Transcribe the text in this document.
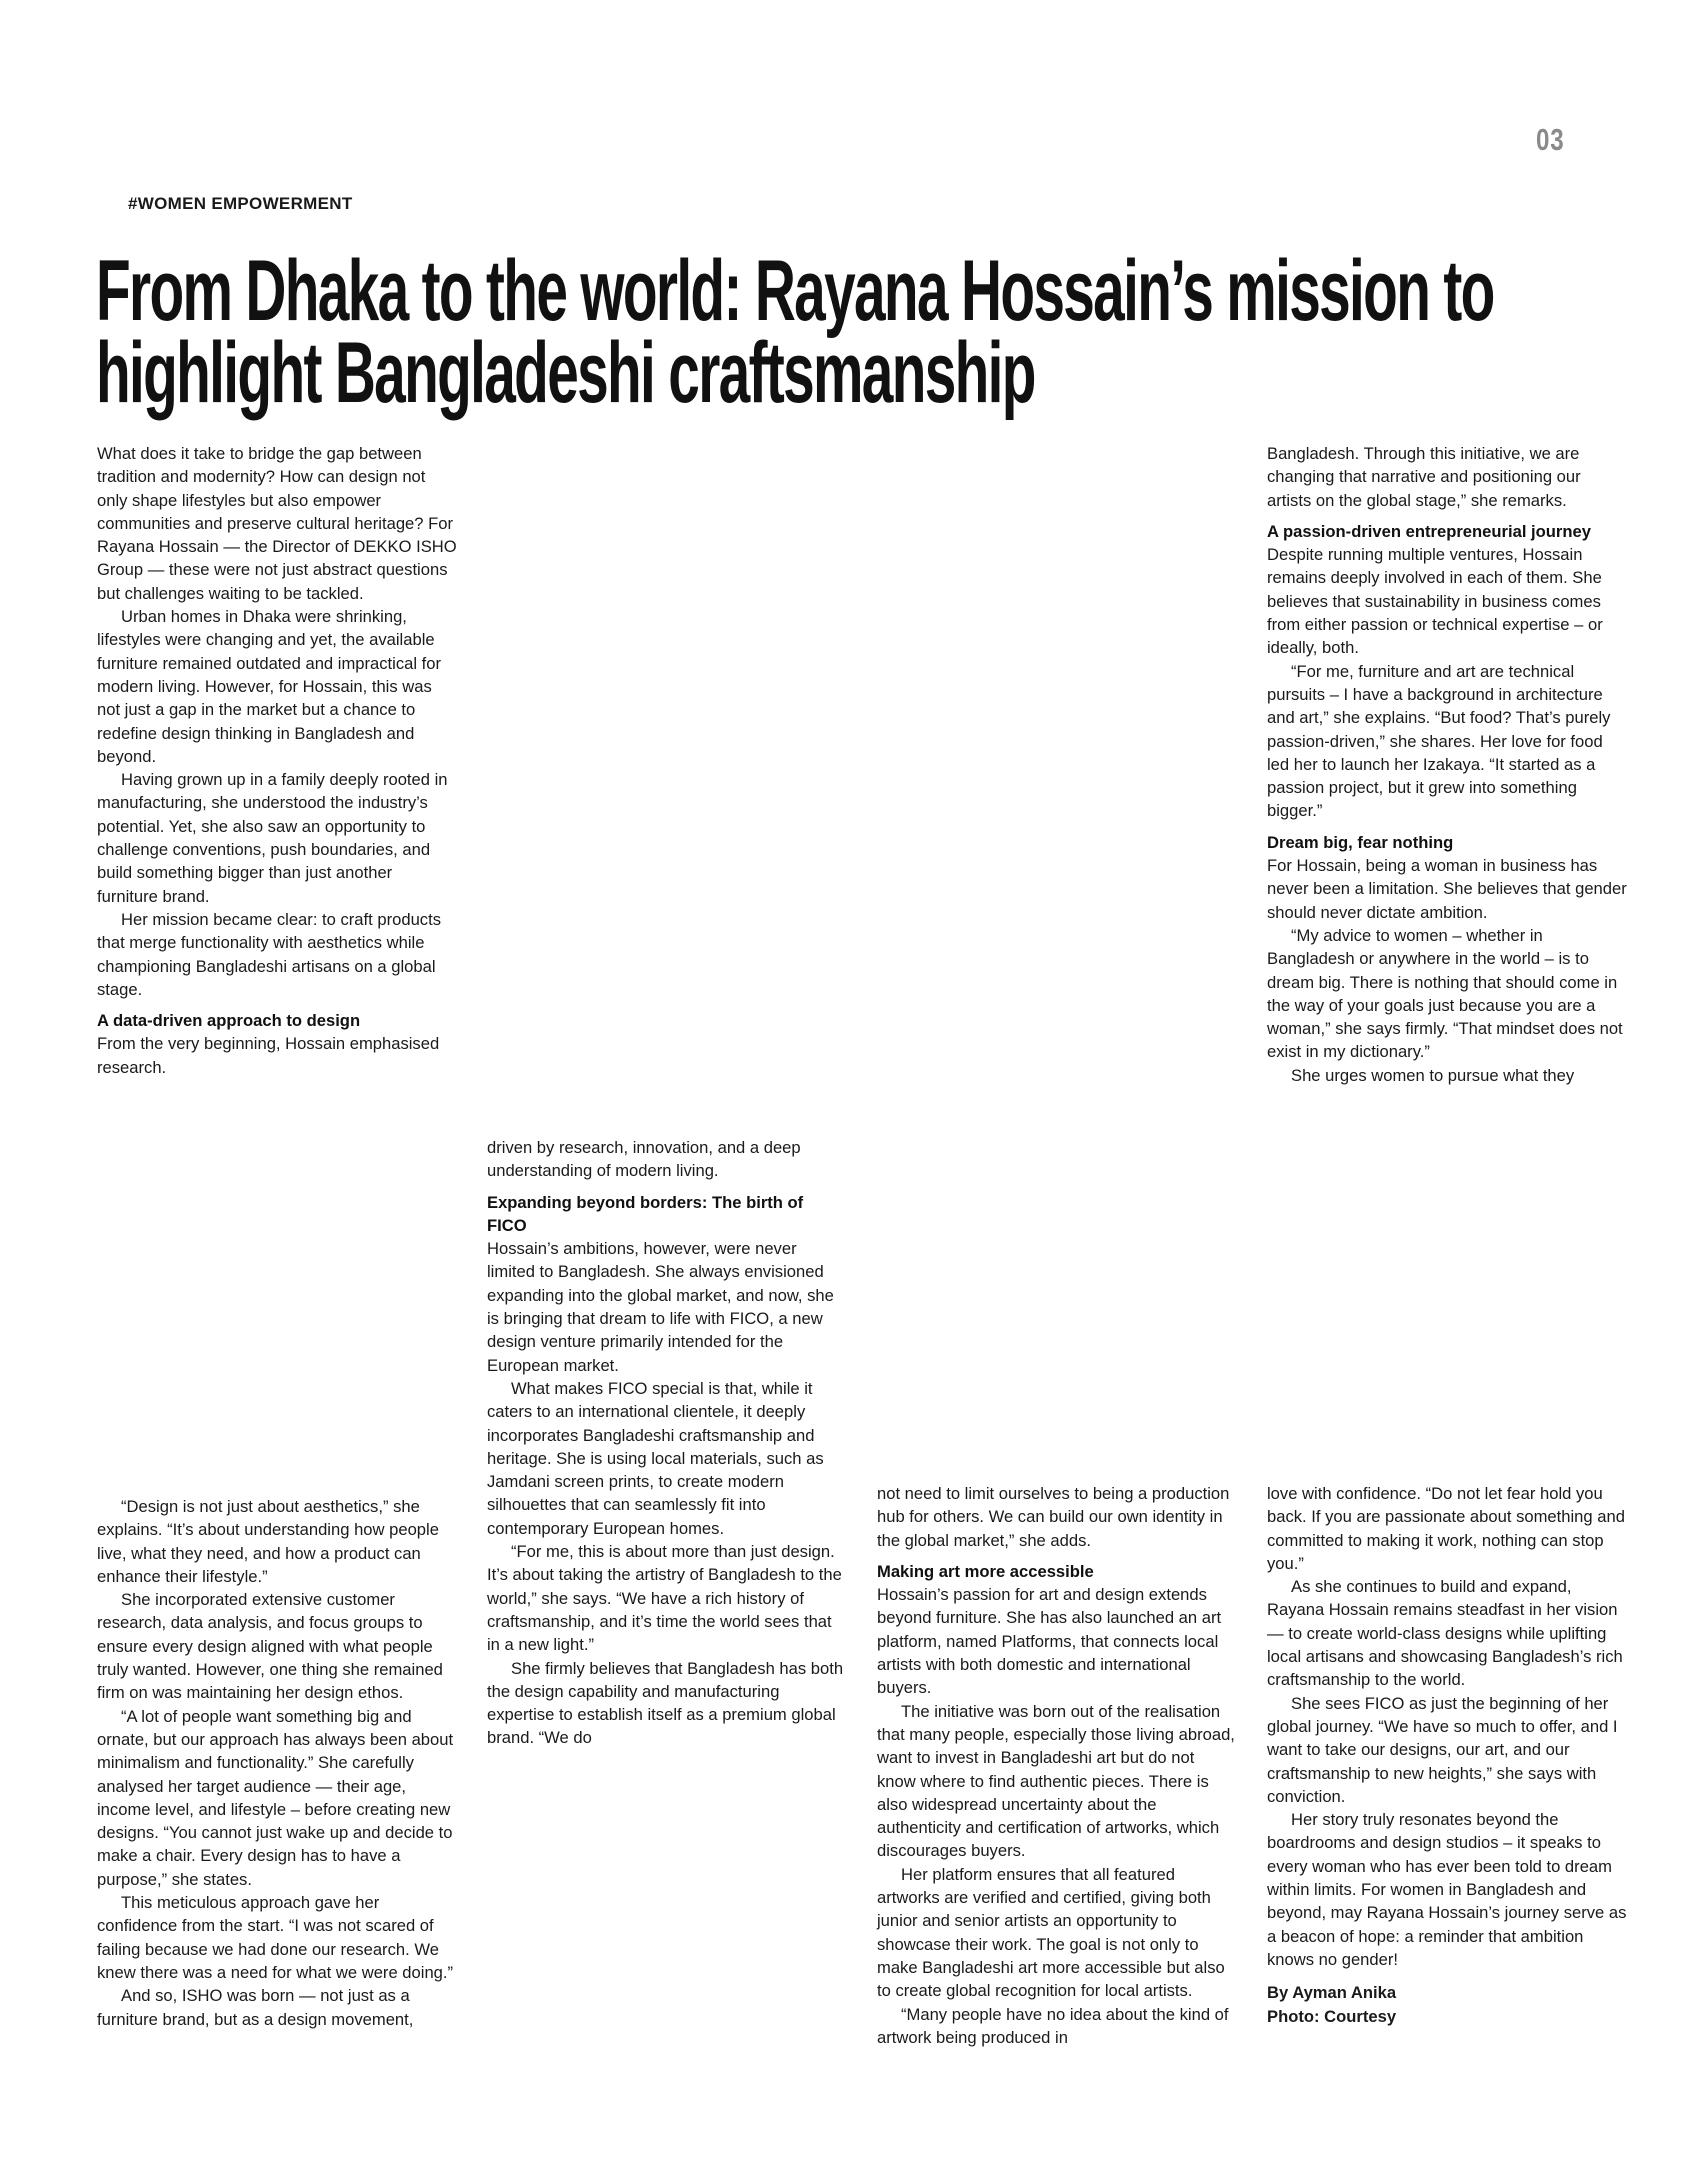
03
#WOMEN EMPOWERMENT
From Dhaka to the world: Rayana Hossain’s mission to
highlight Bangladeshi craftsmanship

What does it take to bridge the gap between tradition and modernity? How can design not only shape lifestyles but also empower communities and preserve cultural heritage? For Rayana Hossain — the Director of DEKKO ISHO Group — these were not just abstract questions but challenges waiting to be tackled.

Urban homes in Dhaka were shrinking, lifestyles were changing and yet, the available furniture remained outdated and impractical for modern living. However, for Hossain, this was not just a gap in the market but a chance to redefine design thinking in Bangladesh and beyond.

Having grown up in a family deeply rooted in manufacturing, she understood the industry’s potential. Yet, she also saw an opportunity to challenge conventions, push boundaries, and build something bigger than just another furniture brand.

Her mission became clear: to craft products that merge functionality with aesthetics while championing Bangladeshi artisans on a global stage.

A data-driven approach to design

From the very beginning, Hossain emphasised research.

“Design is not just about aesthetics,” she explains. “It’s about understanding how people live, what they need, and how a product can enhance their lifestyle.”

She incorporated extensive customer research, data analysis, and focus groups to ensure every design aligned with what people truly wanted. However, one thing she remained firm on was maintaining her design ethos.

“A lot of people want something big and ornate, but our approach has always been about minimalism and functionality.” She carefully analysed her target audience — their age, income level, and lifestyle – before creating new designs. “You cannot just wake up and decide to make a chair. Every design has to have a purpose,” she states.

This meticulous approach gave her confidence from the start. “I was not scared of failing because we had done our research. We knew there was a need for what we were doing.”

And so, ISHO was born — not just as a furniture brand, but as a design movement,

driven by research, innovation, and a deep understanding of modern living.

Expanding beyond borders: The birth of FICO

Hossain’s ambitions, however, were never limited to Bangladesh. She always envisioned expanding into the global market, and now, she is bringing that dream to life with FICO, a new design venture primarily intended for the European market.

What makes FICO special is that, while it caters to an international clientele, it deeply incorporates Bangladeshi craftsmanship and heritage. She is using local materials, such as Jamdani screen prints, to create modern silhouettes that can seamlessly fit into contemporary European homes.

“For me, this is about more than just design. It’s about taking the artistry of Bangladesh to the world,” she says. “We have a rich history of craftsmanship, and it’s time the world sees that in a new light.”

She firmly believes that Bangladesh has both the design capability and manufacturing expertise to establish itself as a premium global brand. “We do

not need to limit ourselves to being a production hub for others. We can build our own identity in the global market,” she adds.

Making art more accessible

Hossain’s passion for art and design extends beyond furniture. She has also launched an art platform, named Platforms, that connects local artists with both domestic and international buyers.

The initiative was born out of the realisation that many people, especially those living abroad, want to invest in Bangladeshi art but do not know where to find authentic pieces. There is also widespread uncertainty about the authenticity and certification of artworks, which discourages buyers.

Her platform ensures that all featured artworks are verified and certified, giving both junior and senior artists an opportunity to showcase their work. The goal is not only to make Bangladeshi art more accessible but also to create global recognition for local artists.

“Many people have no idea about the kind of artwork being produced in

Bangladesh. Through this initiative, we are changing that narrative and positioning our artists on the global stage,” she remarks.

A passion-driven entrepreneurial journey

Despite running multiple ventures, Hossain remains deeply involved in each of them. She believes that sustainability in business comes from either passion or technical expertise – or ideally, both.

“For me, furniture and art are technical pursuits – I have a background in architecture and art,” she explains. “But food? That’s purely passion-driven,” she shares. Her love for food led her to launch her Izakaya. “It started as a passion project, but it grew into something bigger.”

Dream big, fear nothing

For Hossain, being a woman in business has never been a limitation. She believes that gender should never dictate ambition.

“My advice to women – whether in Bangladesh or anywhere in the world – is to dream big. There is nothing that should come in the way of your goals just because you are a woman,” she says firmly. “That mindset does not exist in my dictionary.”

She urges women to pursue what they

love with confidence. “Do not let fear hold you back. If you are passionate about something and committed to making it work, nothing can stop you.”

As she continues to build and expand, Rayana Hossain remains steadfast in her vision — to create world-class designs while uplifting local artisans and showcasing Bangladesh’s rich craftsmanship to the world.

She sees FICO as just the beginning of her global journey. “We have so much to offer, and I want to take our designs, our art, and our craftsmanship to new heights,” she says with conviction.

Her story truly resonates beyond the boardrooms and design studios – it speaks to every woman who has ever been told to dream within limits. For women in Bangladesh and beyond, may Rayana Hossain’s journey serve as a beacon of hope: a reminder that ambition knows no gender!

By Ayman Anika

Photo: Courtesy
